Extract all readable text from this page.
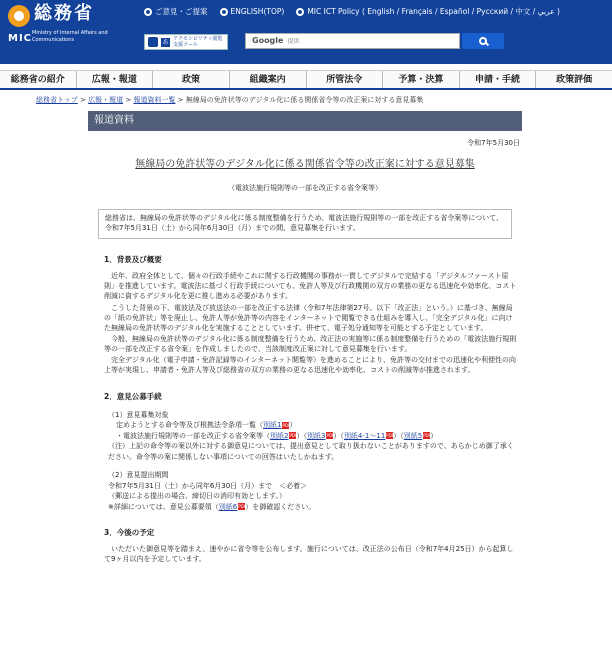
総務省
MIC Ministry of Internal Affairs and Communications
ご意見・ご提案	ENGLISH(TOP)	MIC ICT Policy ( English / Français / Español / Русский / 中文 / عربي )
あ アクセシビリティ閲覧支援ツール
Google
提供
総務省の紹介	広報・報道	政策	組織案内	所管法令	予算・決算	申請・手続	政策評価
総務省トップ > 広報・報道 > 報道資料一覧 > 無線局の免許状等のデジタル化に係る関係省令等の改正案に対する意見募集
報道資料
令和7年5月30日
無線局の免許状等のデジタル化に係る関係省令等の改正案に対する意見募集
（電波法施行規則等の一部を改正する省令案等）
総務省は、無線局の免許状等のデジタル化に係る制度整備を行うため、電波法施行規則等の一部を改正する省令案等について、令和7年5月31日（土）から同年6月30日（月）までの間、意見募集を行います。
1．背景及び概要

近年、政府全体として、個々の行政手続やこれに関する行政機関の事務が一貫してデジタルで完結する「デジタルファースト原則」を推進しています。電波法に基づく行政手続についても、免許人等及び行政機関の双方の業務の更なる迅速化や効率化、コスト削減に資するデジタル化を更に推し進める必要があります。

こうした背景の下、電波法及び放送法の一部を改正する法律（令和7年法律第27号。以下「改正法」という。）に基づき、無線局の「紙の免許状」等を廃止し、免許人等が免許等の内容をインターネットで閲覧できる仕組みを導入し、「完全デジタル化」に向けた無線局の免許状等のデジタル化を実施することとしています。併せて、電子処分通知等を可能とする予定としています。

今般、無線局の免許状等のデジタル化に係る制度整備を行うため、改正法の実施等に係る制度整備を行うための「電波法施行規則等の一部を改正する省令案」を作成しましたので、当該制度改正案に対して意見募集を行います。

完全デジタル化（電子申請・免許記録等のインターネット閲覧等）を進めることにより、免許等の交付までの迅速化や利便性の向上等が実現し、申請者・免許人等及び総務省の双方の業務の更なる迅速化や効率化、コストの削減等が推進されます。

2．意見公募手続
（1）意見募集対象
定めようとする命令等及び根拠法令条項一覧（別紙1PDF）
・電波法施行規則等の一部を改正する省令案等（別紙2PDF）（別紙3PDF）（別紙4-1～11PDF）（別紙5PDF）
（注）上記の命令等の案以外に対する御意見については、提出意見として取り扱わないことがありますので、あらかじめ御了承ください。命令等の案に関係しない事項についての回答はいたしかねます。
（2）意見提出期間
令和7年5月31日（土）から同年6月30日（月）まで　＜必着＞
（郵送による提出の場合、締切日の消印有効とします。）
※詳細については、意見公募要領（別紙6PDF）を御確認ください。
3．今後の予定

いただいた御意見等を踏まえ、速やかに省令等を公布します。施行については、改正法の公布日（令和7年4月25日）から起算して9ヶ月以内を予定しています。
